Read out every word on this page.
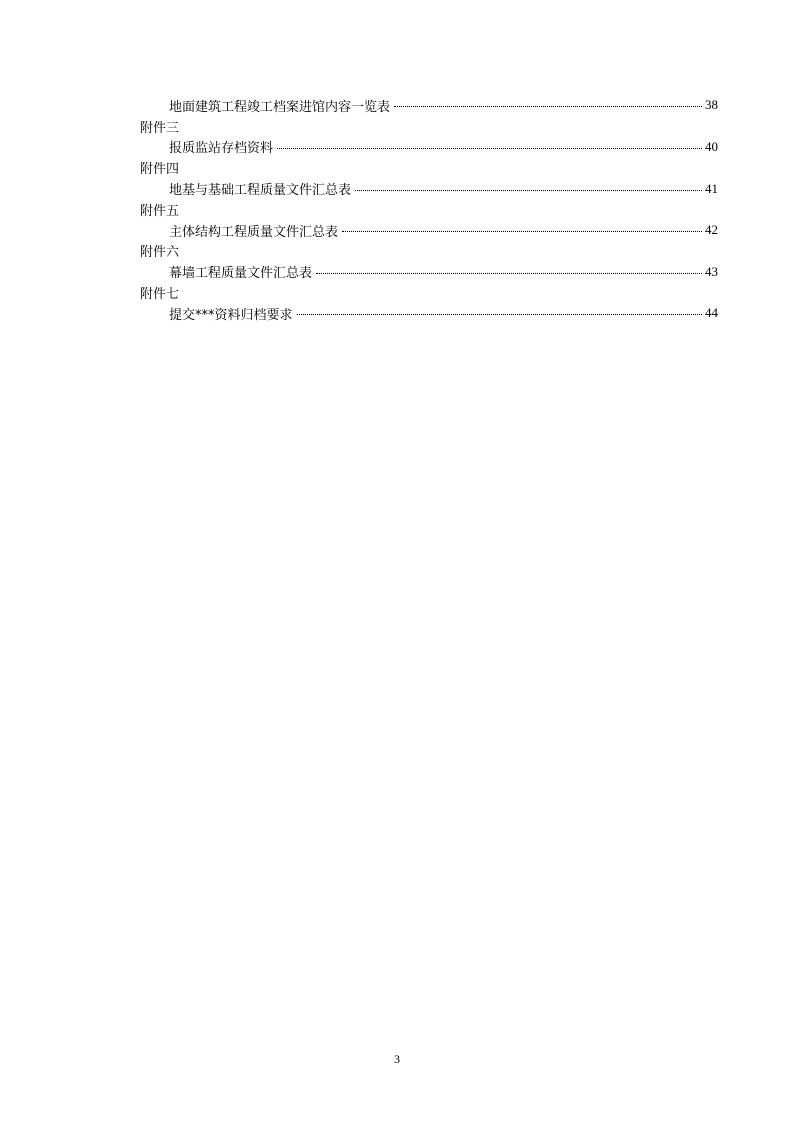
地面建筑工程竣工档案进馆内容一览表	38
附件三
报质监站存档资料	40
附件四
地基与基础工程质量文件汇总表	41
附件五
主体结构工程质量文件汇总表	42
附件六
幕墙工程质量文件汇总表	43
附件七
提交***资料归档要求	44
3
